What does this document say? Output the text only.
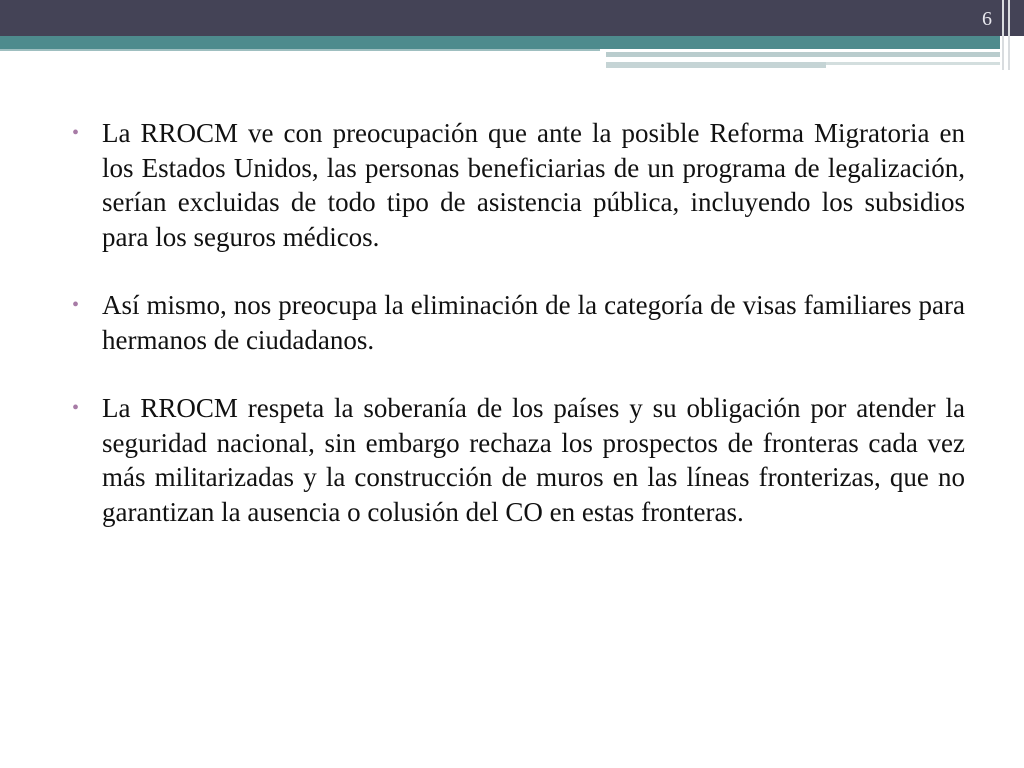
6
• La RROCM ve con preocupación que ante la posible Reforma Migratoria en los Estados Unidos, las personas beneficiarias de un programa de legalización, serían excluidas de todo tipo de asistencia pública, incluyendo los subsidios para los seguros médicos.
• Así mismo, nos preocupa la eliminación de la categoría de visas familiares para hermanos de ciudadanos.
• La RROCM respeta la soberanía de los países y su obligación por atender la seguridad nacional, sin embargo rechaza los prospectos de fronteras cada vez más militarizadas y la construcción de muros en las líneas fronterizas, que no garantizan la ausencia o colusión del CO en estas fronteras.
